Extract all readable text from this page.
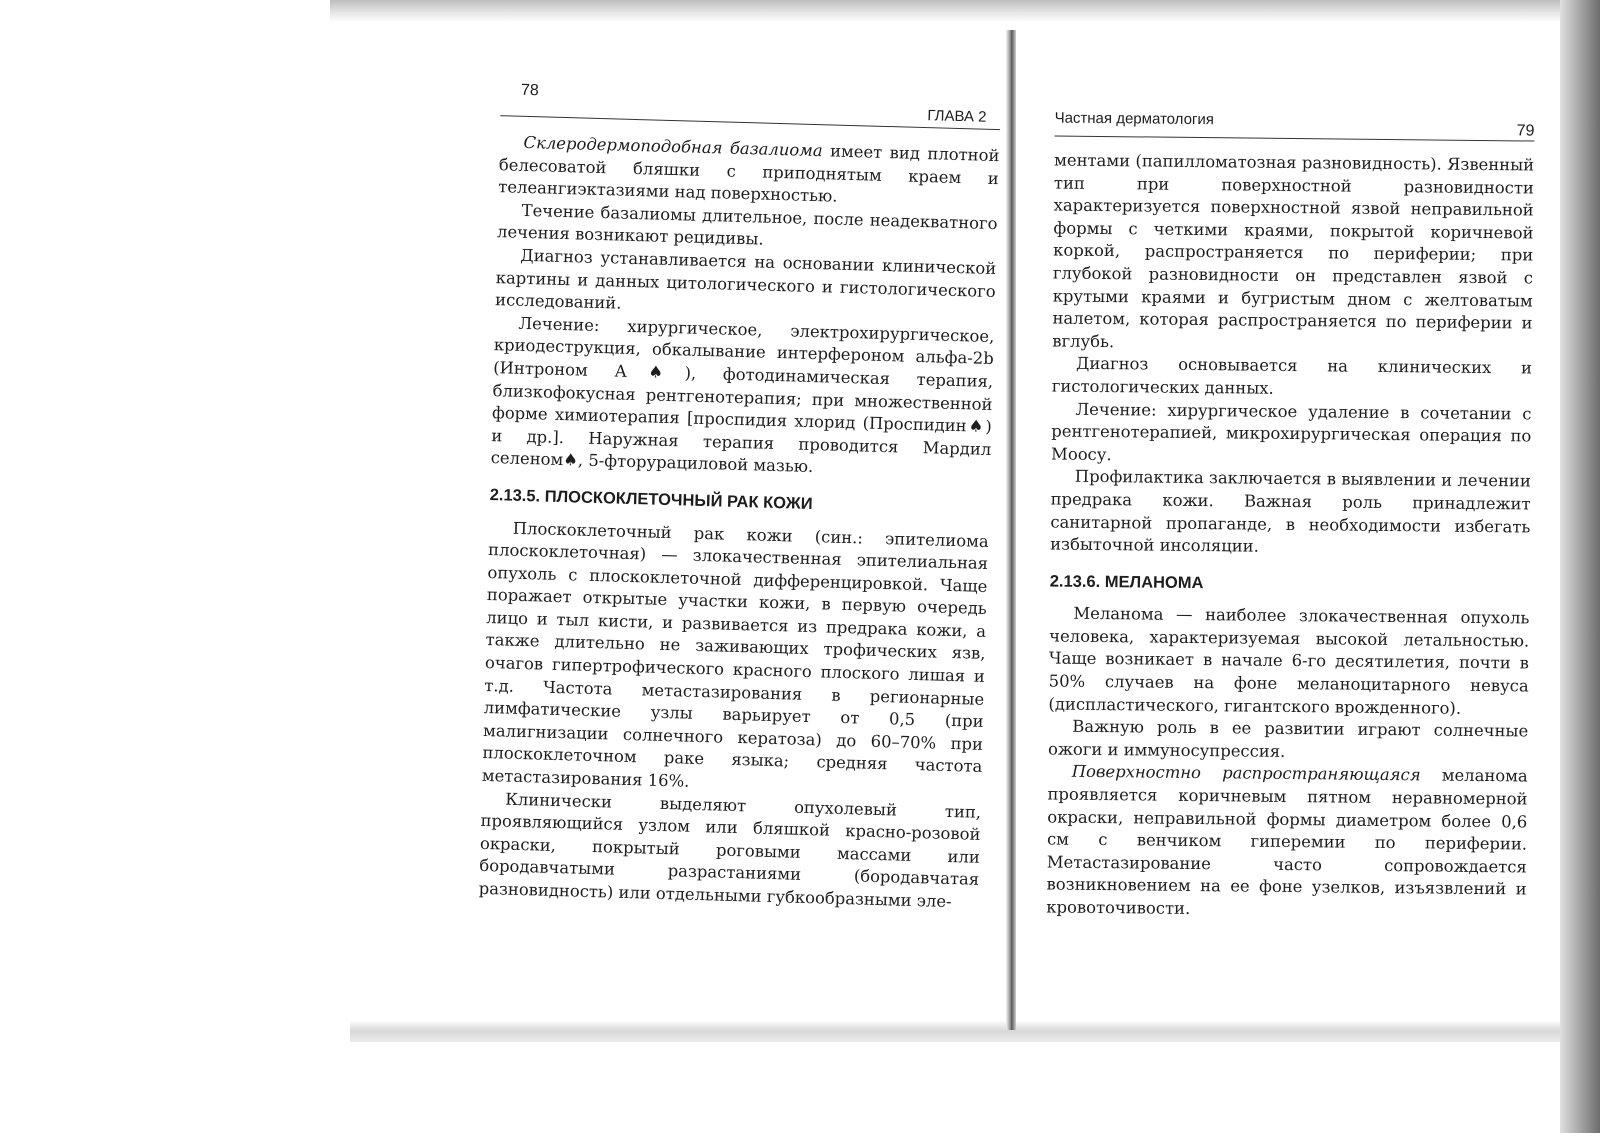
78
ГЛАВА 2

Склеродермоподобная базалиома имеет вид плотной белесоватой бляшки с приподнятым краем и телеангиэктазиями над поверхностью.

Течение базалиомы длительное, после неадекватного лечения возникают рецидивы.

Диагноз устанавливается на основании клинической картины и данных цитологического и гистологического исследований.

Лечение: хирургическое, электрохирургическое, криодеструкция, обкалывание интерфероном альфа-2b (Интроном А♠), фотодинамическая терапия, близкофокусная рентгенотерапия; при множественной форме химиотерапия [проспидия хлорид (Проспидин♠) и др.]. Наружная терапия проводится Мардил селеном♠, 5-фторурациловой мазью.

2.13.5. ПЛОСКОКЛЕТОЧНЫЙ РАК КОЖИ

Плоскоклеточный рак кожи (син.: эпителиома плоскоклеточная) — злокачественная эпителиальная опухоль с плоскоклеточной дифференцировкой. Чаще поражает открытые участки кожи, в первую очередь лицо и тыл кисти, и развивается из предрака кожи, а также длительно не заживающих трофических язв, очагов гипертрофического красного плоского лишая и т.д. Частота метастазирования в регионарные лимфатические узлы варьирует от 0,5 (при малигнизации солнечного кератоза) до 60–70% при плоскоклеточном раке языка; средняя частота метастазирования 16%.

Клинически выделяют опухолевый тип, проявляющийся узлом или бляшкой красно-розовой окраски, покрытый роговыми массами или бородавчатыми разрастаниями (бородавчатая разновидность) или отдельными губкообразными эле-

Частная дерматология
79

ментами (папилломатозная разновидность). Язвенный тип при поверхностной разновидности характеризуется поверхностной язвой неправильной формы с четкими краями, покрытой коричневой коркой, распространяется по периферии; при глубокой разновидности он представлен язвой с крутыми краями и бугристым дном с желтоватым налетом, которая распространяется по периферии и вглубь.

Диагноз основывается на клинических и гистологических данных.

Лечение: хирургическое удаление в сочетании с рентгенотерапией, микрохирургическая операция по Моосу.

Профилактика заключается в выявлении и лечении предрака кожи. Важная роль принадлежит санитарной пропаганде, в необходимости избегать избыточной инсоляции.

2.13.6. МЕЛАНОМА

Меланома — наиболее злокачественная опухоль человека, характеризуемая высокой летальностью. Чаще возникает в начале 6-го десятилетия, почти в 50% случаев на фоне меланоцитарного невуса (диспластического, гигантского врожденного).

Важную роль в ее развитии играют солнечные ожоги и иммуносупрессия.

Поверхностно распространяющаяся меланома проявляется коричневым пятном неравномерной окраски, неправильной формы диаметром более 0,6 см с венчиком гиперемии по периферии. Метастазирование часто сопровождается возникновением на ее фоне узелков, изъязвлений и кровоточивости.
